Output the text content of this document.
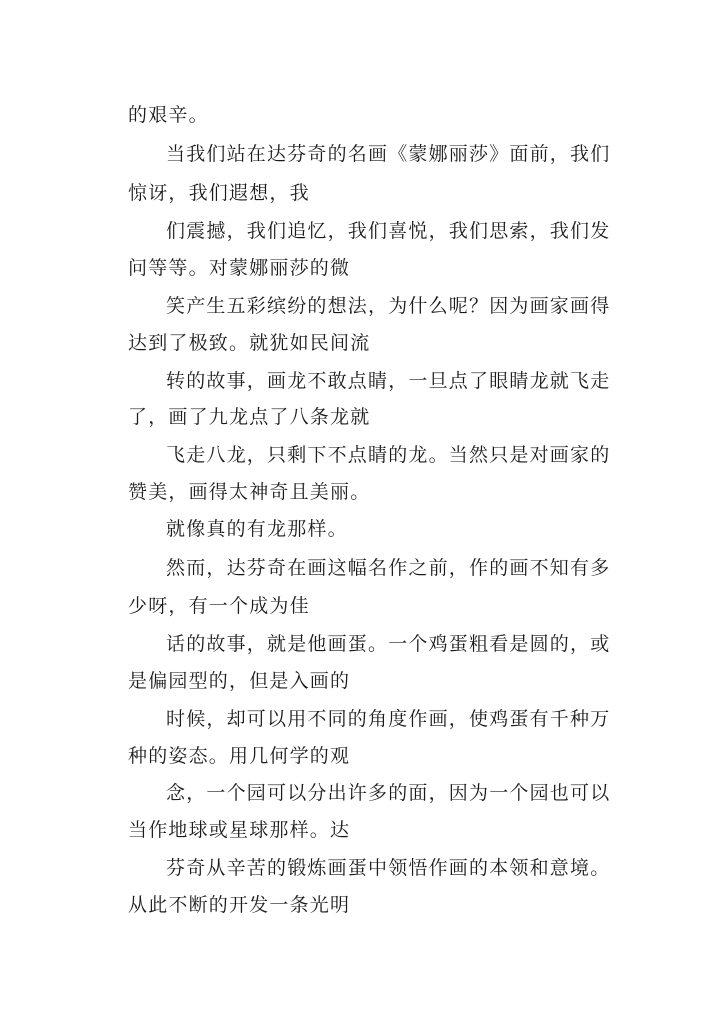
的艰辛。
当我们站在达芬奇的名画《蒙娜丽莎》面前，我们
惊讶，我们遐想，我
们震撼，我们追忆，我们喜悦，我们思索，我们发
问等等。对蒙娜丽莎的微
笑产生五彩缤纷的想法，为什么呢？因为画家画得
达到了极致。就犹如民间流
转的故事，画龙不敢点睛，一旦点了眼睛龙就飞走
了，画了九龙点了八条龙就
飞走八龙，只剩下不点睛的龙。当然只是对画家的
赞美，画得太神奇且美丽。
就像真的有龙那样。
然而，达芬奇在画这幅名作之前，作的画不知有多
少呀，有一个成为佳
话的故事，就是他画蛋。一个鸡蛋粗看是圆的，或
是偏园型的，但是入画的
时候，却可以用不同的角度作画，使鸡蛋有千种万
种的姿态。用几何学的观
念，一个园可以分出许多的面，因为一个园也可以
当作地球或星球那样。达
芬奇从辛苦的锻炼画蛋中领悟作画的本领和意境。
从此不断的开发一条光明
